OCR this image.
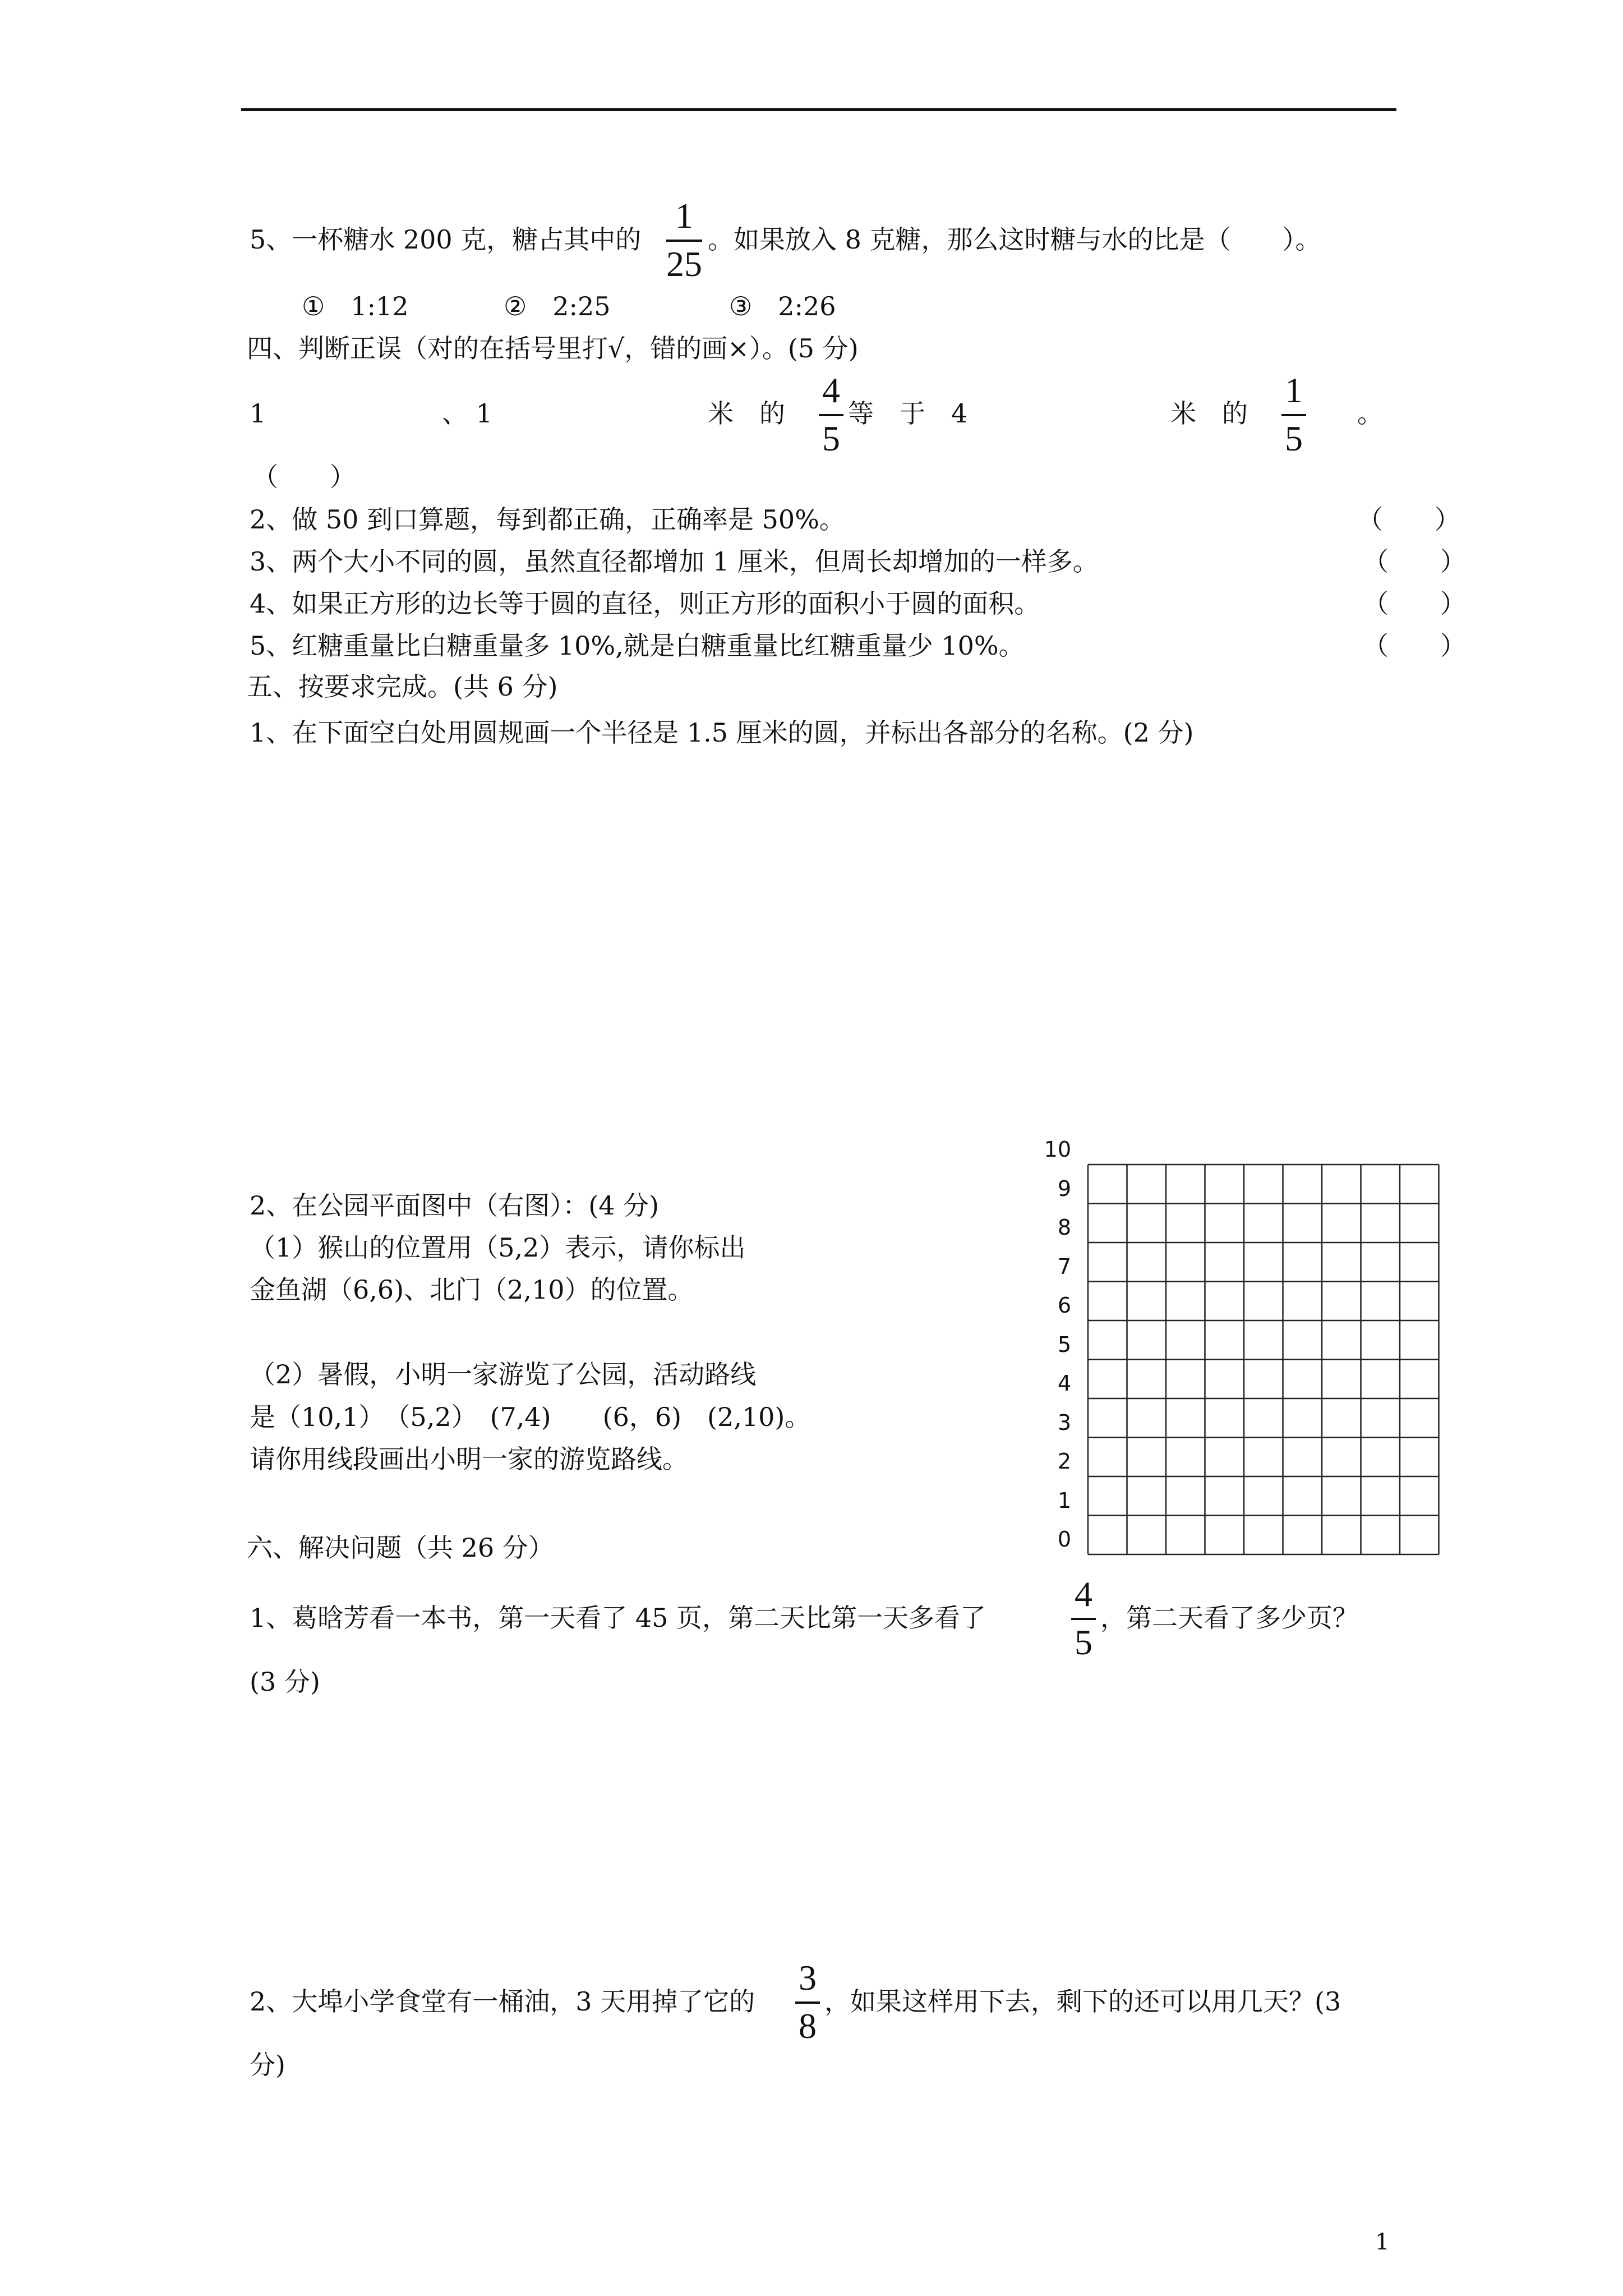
5、一杯糖水 200 克，糖占其中的
1
25
。如果放入 8 克糖，那么这时糖与水的比是（　　）。
①　1:12	②　2:25	③　2:26
四、判断正误（对的在括号里打√，错的画×）。(5 分)
1	、 1	米　的
4
5
等　于　4	米　的
1
5
。
（　　）
2、做 50 到口算题，每到都正确，正确率是 50%。	（　　）
3、两个大小不同的圆，虽然直径都增加 1 厘米，但周长却增加的一样多。	（　　）
4、如果正方形的边长等于圆的直径，则正方形的面积小于圆的面积。	（　　）
5、红糖重量比白糖重量多 10%,就是白糖重量比红糖重量少 10%。	（　　）
五、按要求完成。(共 6 分)
1、在下面空白处用圆规画一个半径是 1.5 厘米的圆，并标出各部分的名称。(2 分)
2、在公园平面图中（右图）：(4 分)
（1）猴山的位置用（5,2）表示，请你标出
金鱼湖（6,6)、北门（2,10）的位置。
（2）暑假，小明一家游览了公园，活动路线
是（10,1）　（5,2）　(7,4)　　(6，6)　(2,10)。
请你用线段画出小明一家的游览路线。
10
9
8
7
6
5
4
3
2
1
0
六、解决问题（共 26 分）
1、葛晗芳看一本书，第一天看了 45 页，第二天比第一天多看了
4
5
，第二天看了多少页？
(3 分)
2、大埠小学食堂有一桶油，3 天用掉了它的
3
8
，如果这样用下去，剩下的还可以用几天？(3
分)
1
